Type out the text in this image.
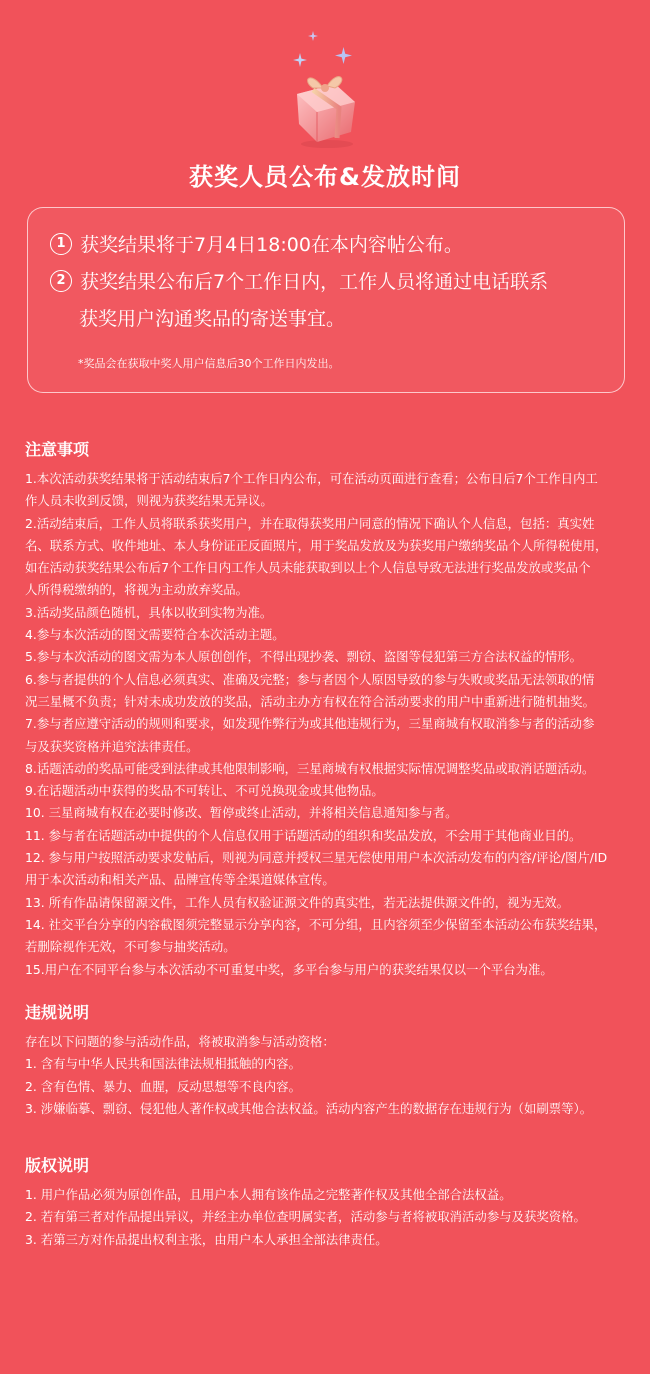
获奖人员公布&发放时间
1 获奖结果将于7月4日18:00在本内容帖公布。
2 获奖结果公布后7个工作日内，工作人员将通过电话联系
获奖用户沟通奖品的寄送事宜。
*奖品会在获取中奖人用户信息后30个工作日内发出。
注意事项

1.本次活动获奖结果将于活动结束后7个工作日内公布，可在活动页面进行查看；公布日后7个工作日内工

作人员未收到反馈，则视为获奖结果无异议。

2.活动结束后，工作人员将联系获奖用户，并在取得获奖用户同意的情况下确认个人信息，包括：真实姓

名、联系方式、收件地址、本人身份证正反面照片，用于奖品发放及为获奖用户缴纳奖品个人所得税使用，

如在活动获奖结果公布后7个工作日内工作人员未能获取到以上个人信息导致无法进行奖品发放或奖品个

人所得税缴纳的，将视为主动放弃奖品。

3.活动奖品颜色随机，具体以收到实物为准。

4.参与本次活动的图文需要符合本次活动主题。

5.参与本次活动的图文需为本人原创创作，不得出现抄袭、剽窃、盗图等侵犯第三方合法权益的情形。

6.参与者提供的个人信息必须真实、准确及完整；参与者因个人原因导致的参与失败或奖品无法领取的情

况三星概不负责；针对未成功发放的奖品，活动主办方有权在符合活动要求的用户中重新进行随机抽奖。

7.参与者应遵守活动的规则和要求，如发现作弊行为或其他违规行为，三星商城有权取消参与者的活动参

与及获奖资格并追究法律责任。

8.话题活动的奖品可能受到法律或其他限制影响，三星商城有权根据实际情况调整奖品或取消话题活动。

9.在话题活动中获得的奖品不可转让、不可兑换现金或其他物品。

10. 三星商城有权在必要时修改、暂停或终止活动，并将相关信息通知参与者。

11. 参与者在话题活动中提供的个人信息仅用于话题活动的组织和奖品发放，不会用于其他商业目的。

12. 参与用户按照活动要求发帖后，则视为同意并授权三星无偿使用用户本次活动发布的内容/评论/图片/ID

用于本次活动和相关产品、品牌宣传等全渠道媒体宣传。

13. 所有作品请保留源文件，工作人员有权验证源文件的真实性，若无法提供源文件的，视为无效。

14. 社交平台分享的内容截图须完整显示分享内容，不可分组，且内容须至少保留至本活动公布获奖结果，

若删除视作无效，不可参与抽奖活动。

15.用户在不同平台参与本次活动不可重复中奖，多平台参与用户的获奖结果仅以一个平台为准。

违规说明

存在以下问题的参与活动作品，将被取消参与活动资格：

1. 含有与中华人民共和国法律法规相抵触的内容。

2. 含有色情、暴力、血腥，反动思想等不良内容。

3. 涉嫌临摹、剽窃、侵犯他人著作权或其他合法权益。活动内容产生的数据存在违规行为（如刷票等）。

版权说明

1. 用户作品必须为原创作品，且用户本人拥有该作品之完整著作权及其他全部合法权益。

2. 若有第三者对作品提出异议，并经主办单位查明属实者，活动参与者将被取消活动参与及获奖资格。

3. 若第三方对作品提出权利主张，由用户本人承担全部法律责任。
